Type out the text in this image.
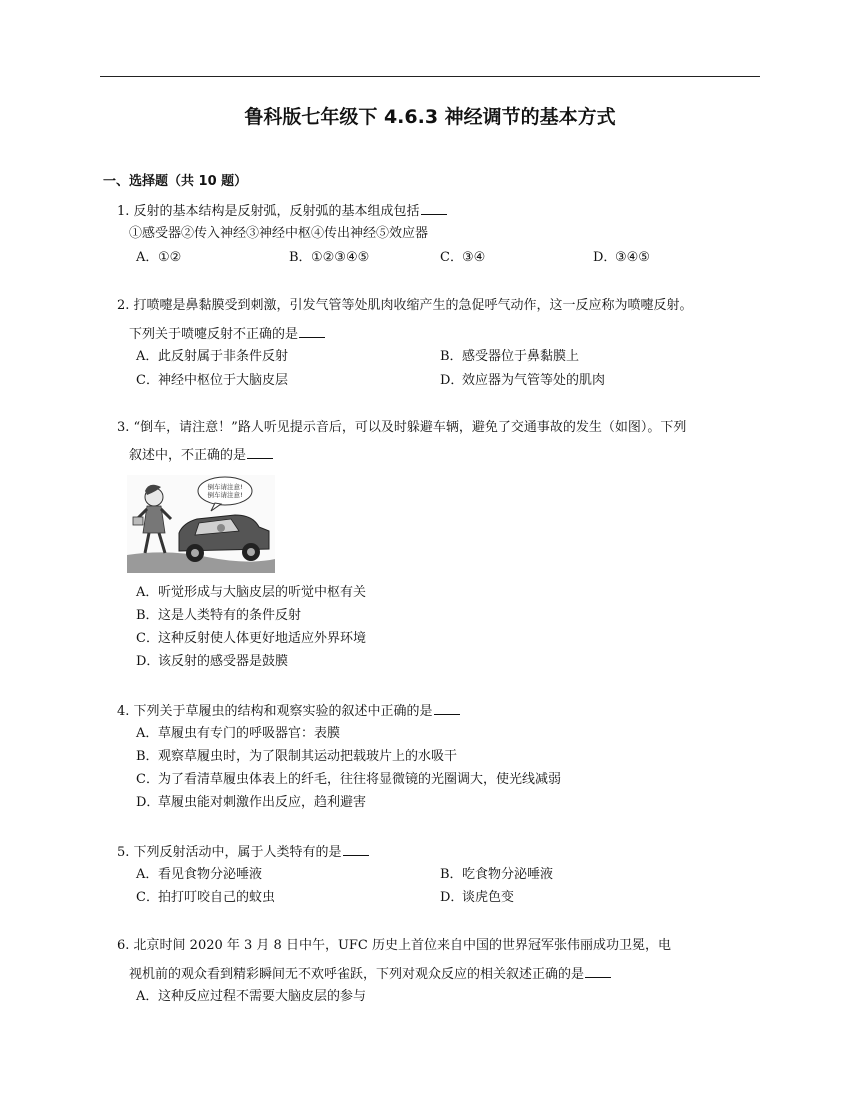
鲁科版七年级下 4.6.3 神经调节的基本方式
一、选择题（共 10 题）
1. 反射的基本结构是反射弧，反射弧的基本组成包括
①感受器②传入神经③神经中枢④传出神经⑤效应器
A．①②	B．①②③④⑤	C．③④	D．③④⑤
2. 打喷嚏是鼻黏膜受到刺激，引发气管等处肌肉收缩产生的急促呼气动作，这一反应称为喷嚏反射。
下列关于喷嚏反射不正确的是
A．此反射属于非条件反射	B．感受器位于鼻黏膜上
C．神经中枢位于大脑皮层	D．效应器为气管等处的肌肉
3. “倒车，请注意！”路人听见提示音后，可以及时躲避车辆，避免了交通事故的发生（如图）。下列
叙述中，不正确的是
倒车请注意!
倒车请注意!
A．听觉形成与大脑皮层的听觉中枢有关
B．这是人类特有的条件反射
C．这种反射使人体更好地适应外界环境
D．该反射的感受器是鼓膜
4. 下列关于草履虫的结构和观察实验的叙述中正确的是
A．草履虫有专门的呼吸器官：表膜
B．观察草履虫时，为了限制其运动把载玻片上的水吸干
C．为了看清草履虫体表上的纤毛，往往将显微镜的光圈调大，使光线减弱
D．草履虫能对刺激作出反应，趋利避害
5. 下列反射活动中，属于人类特有的是
A．看见食物分泌唾液	B．吃食物分泌唾液
C．拍打叮咬自己的蚊虫	D．谈虎色变
6. 北京时间 2020 年 3 月 8 日中午，UFC 历史上首位来自中国的世界冠军张伟丽成功卫冕，电
视机前的观众看到精彩瞬间无不欢呼雀跃，下列对观众反应的相关叙述正确的是
A．这种反应过程不需要大脑皮层的参与
